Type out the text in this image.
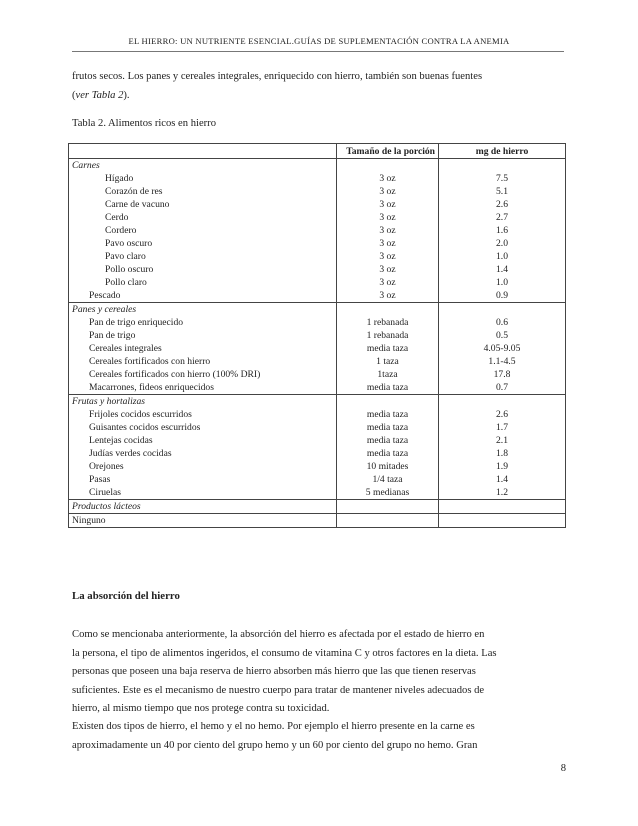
EL HIERRO: UN NUTRIENTE ESENCIAL.GUÍAS DE SUPLEMENTACIÓN CONTRA LA ANEMIA
frutos secos. Los panes y cereales integrales, enriquecido con hierro, también son buenas fuentes
(ver Tabla 2).
Tabla 2. Alimentos ricos en hierro
	Tamaño de la porción	mg de hierro
Carnes		
Hígado	3 oz	7.5
Corazón de res	3 oz	5.1
Carne de vacuno	3 oz	2.6
Cerdo	3 oz	2.7
Cordero	3 oz	1.6
Pavo oscuro	3 oz	2.0
Pavo claro	3 oz	1.0
Pollo oscuro	3 oz	1.4
Pollo claro	3 oz	1.0
Pescado	3 oz	0.9
Panes y cereales		
Pan de trigo enriquecido	1 rebanada	0.6
Pan de trigo	1 rebanada	0.5
Cereales integrales	media taza	4.05-9.05
Cereales fortificados con hierro	1 taza	1.1-4.5
Cereales fortificados con hierro (100% DRI)	1taza	17.8
Macarrones, fideos enriquecidos	media taza	0.7
Frutas y hortalizas		
Frijoles cocidos escurridos	media taza	2.6
Guisantes cocidos escurridos	media taza	1.7
Lentejas cocidas	media taza	2.1
Judías verdes cocidas	media taza	1.8
Orejones	10 mitades	1.9
Pasas	1/4 taza	1.4
Ciruelas	5 medianas	1.2
Productos lácteos		
Ninguno		
La absorción del hierro
Como se mencionaba anteriormente, la absorción del hierro es afectada por el estado de hierro en
la persona, el tipo de alimentos ingeridos, el consumo de vitamina C y otros factores en la dieta. Las
personas que poseen una baja reserva de hierro absorben más hierro que las que tienen reservas
suficientes. Este es el mecanismo de nuestro cuerpo para tratar de mantener niveles adecuados de
hierro, al mismo tiempo que nos protege contra su toxicidad.
Existen dos tipos de hierro, el hemo y el no hemo. Por ejemplo el hierro presente en la carne es
aproximadamente un 40 por ciento del grupo hemo y un 60 por ciento del grupo no hemo. Gran
8
